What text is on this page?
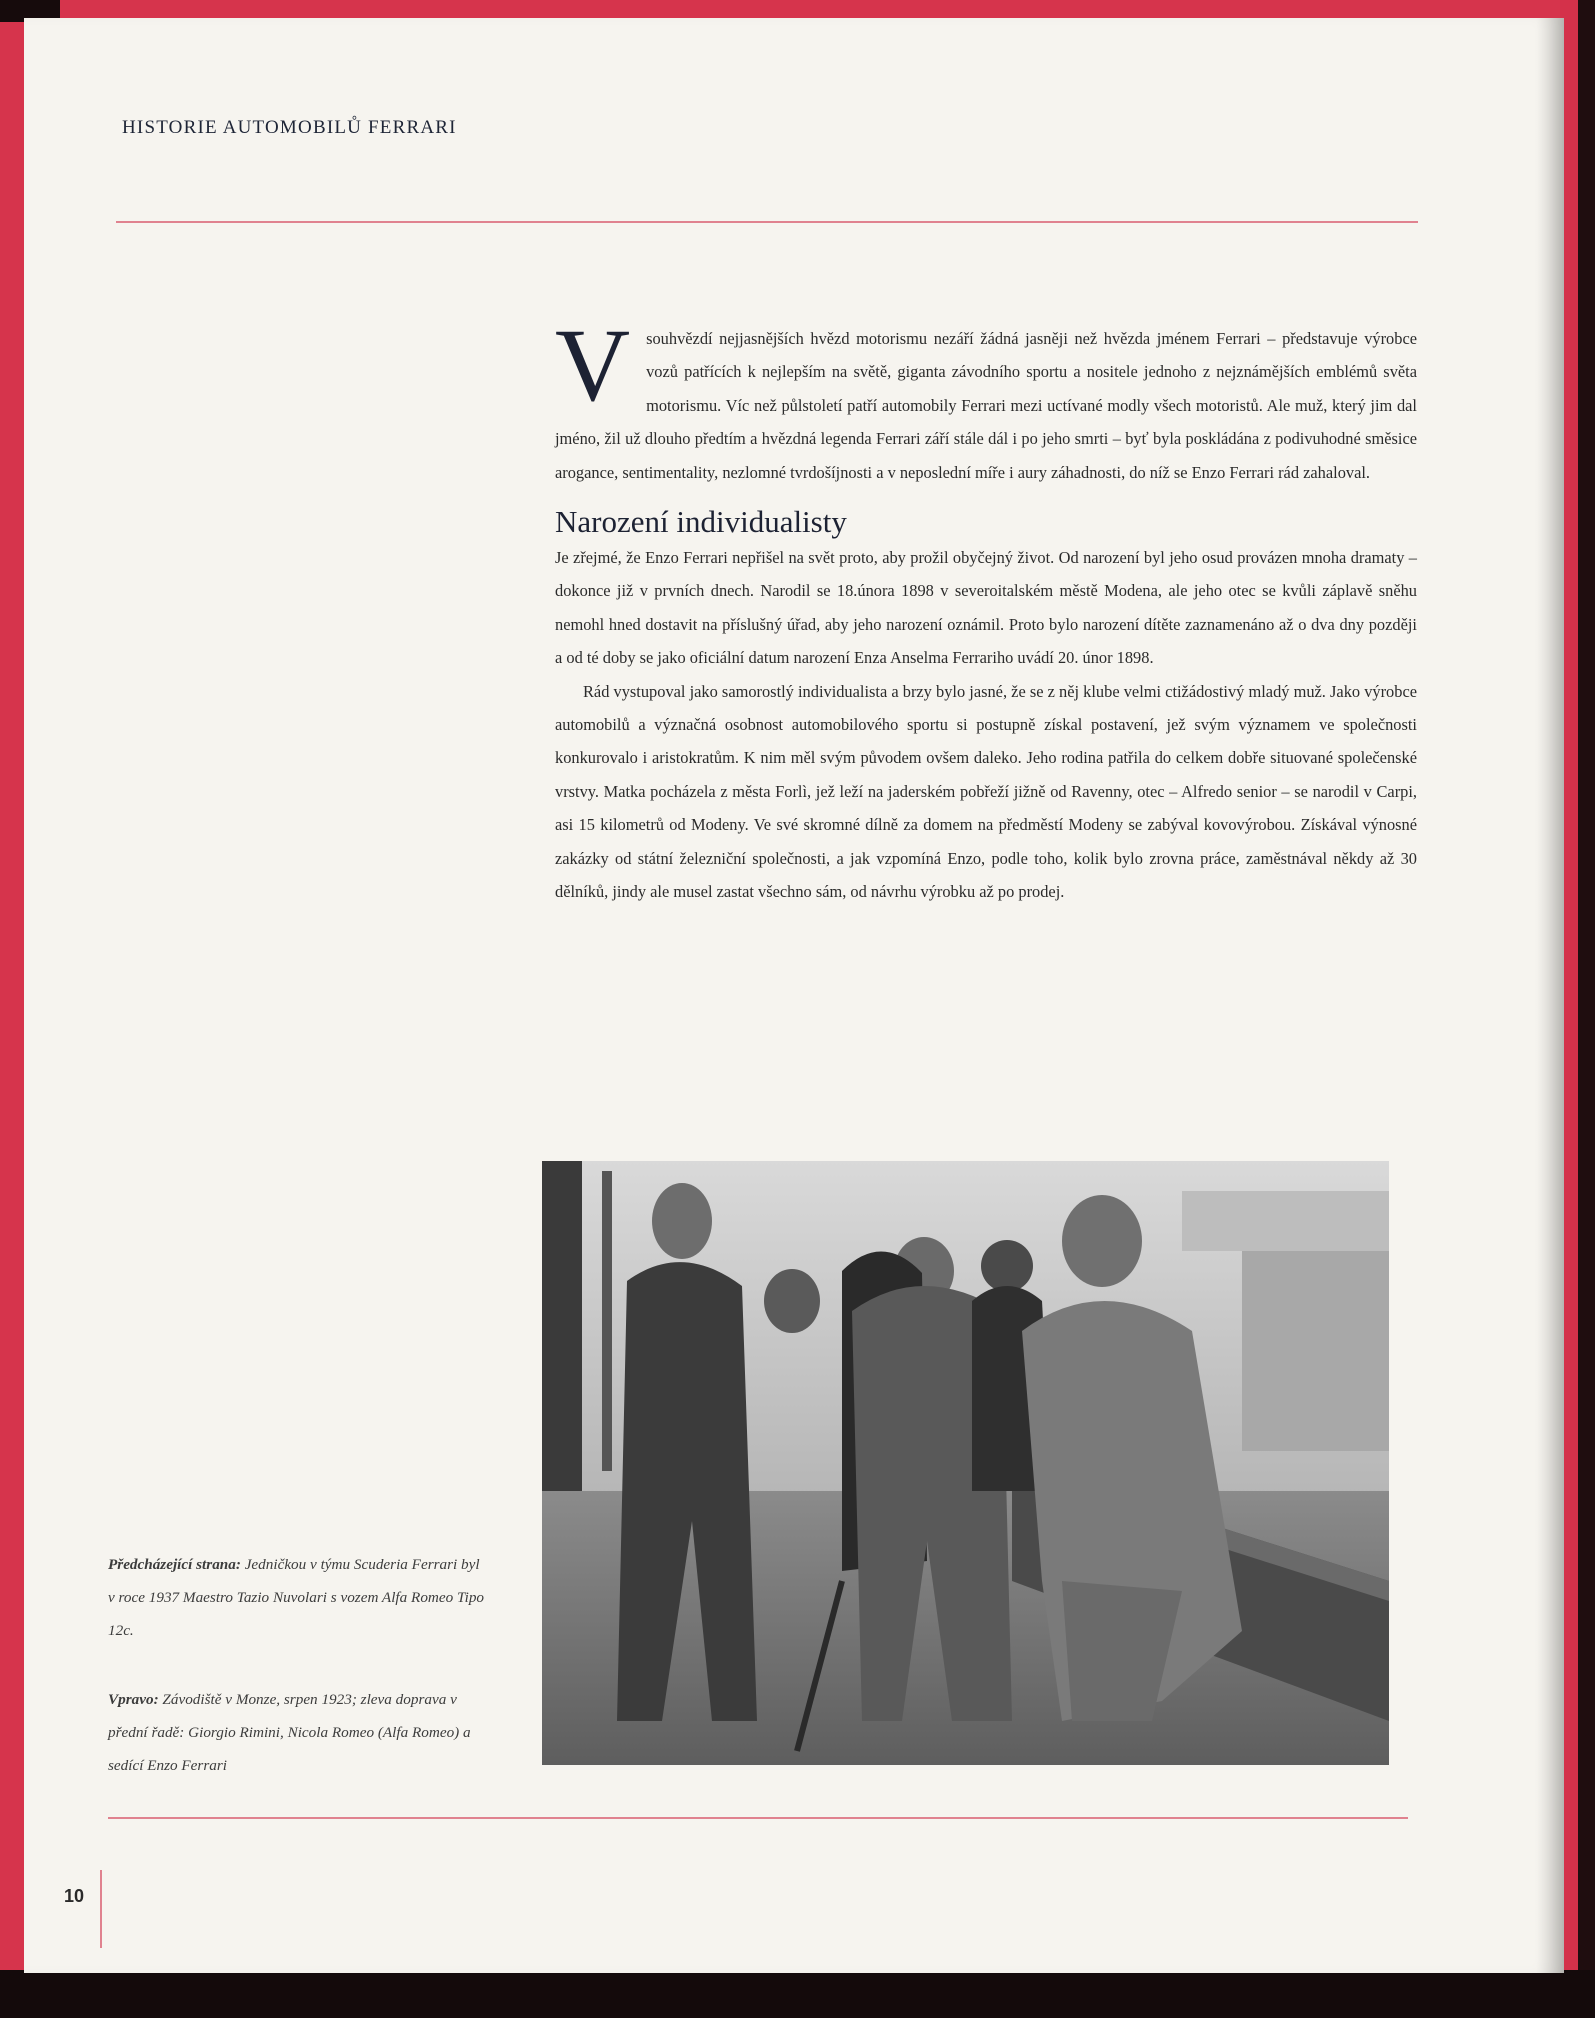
HISTORIE AUTOMOBILŮ FERRARI

Vsouhvězdí nejjasnějších hvězd motorismu nezáří žádná jasněji než hvězda jménem Ferrari – představuje výrobce vozů patřících k nejlepším na světě, giganta závodního sportu a nositele jednoho z nejznámějších emblémů světa motorismu. Víc než půlstoletí patří automobily Ferrari mezi uctívané modly všech motoristů. Ale muž, který jim dal jméno, žil už dlouho předtím a hvězdná legenda Ferrari září stále dál i po jeho smrti – byť byla poskládána z podivuhodné směsice arogance, sentimentality, nezlomné tvrdošíjnosti a v neposlední míře i aury záhadnosti, do níž se Enzo Ferrari rád zahaloval.

Narození individualisty

Je zřejmé, že Enzo Ferrari nepřišel na svět proto, aby prožil obyčejný život. Od narození byl jeho osud provázen mnoha dramaty – dokonce již v prvních dnech. Narodil se 18.února 1898 v severoitalském městě Modena, ale jeho otec se kvůli záplavě sněhu nemohl hned dostavit na příslušný úřad, aby jeho narození oznámil. Proto bylo narození dítěte zaznamenáno až o dva dny později a od té doby se jako oficiální datum narození Enza Anselma Ferrariho uvádí 20. únor 1898.

Rád vystupoval jako samorostlý individualista a brzy bylo jasné, že se z něj klube velmi ctižádostivý mladý muž. Jako výrobce automobilů a význačná osobnost automobilového sportu si postupně získal postavení, jež svým významem ve společnosti konkurovalo i aristokratům. K nim měl svým původem ovšem daleko. Jeho rodina patřila do celkem dobře situované společenské vrstvy. Matka pocházela z města Forlì, jež leží na jaderském pobřeží jižně od Ravenny, otec – Alfredo senior – se narodil v Carpi, asi 15 kilometrů od Modeny. Ve své skromné dílně za domem na předměstí Modeny se zabýval kovovýrobou. Získával výnosné zakázky od státní železniční společnosti, a jak vzpomíná Enzo, podle toho, kolik bylo zrovna práce, zaměstnával někdy až 30 dělníků, jindy ale musel zastat všechno sám, od návrhu výrobku až po prodej.

Předcházející strana: Jedničkou v týmu Scuderia Ferrari byl v roce 1937 Maestro Tazio Nuvolari s vozem Alfa Romeo Tipo 12c.
Vpravo: Závodiště v Monze, srpen 1923; zleva doprava v přední řadě: Giorgio Rimini, Nicola Romeo (Alfa Romeo) a sedící Enzo Ferrari
10
